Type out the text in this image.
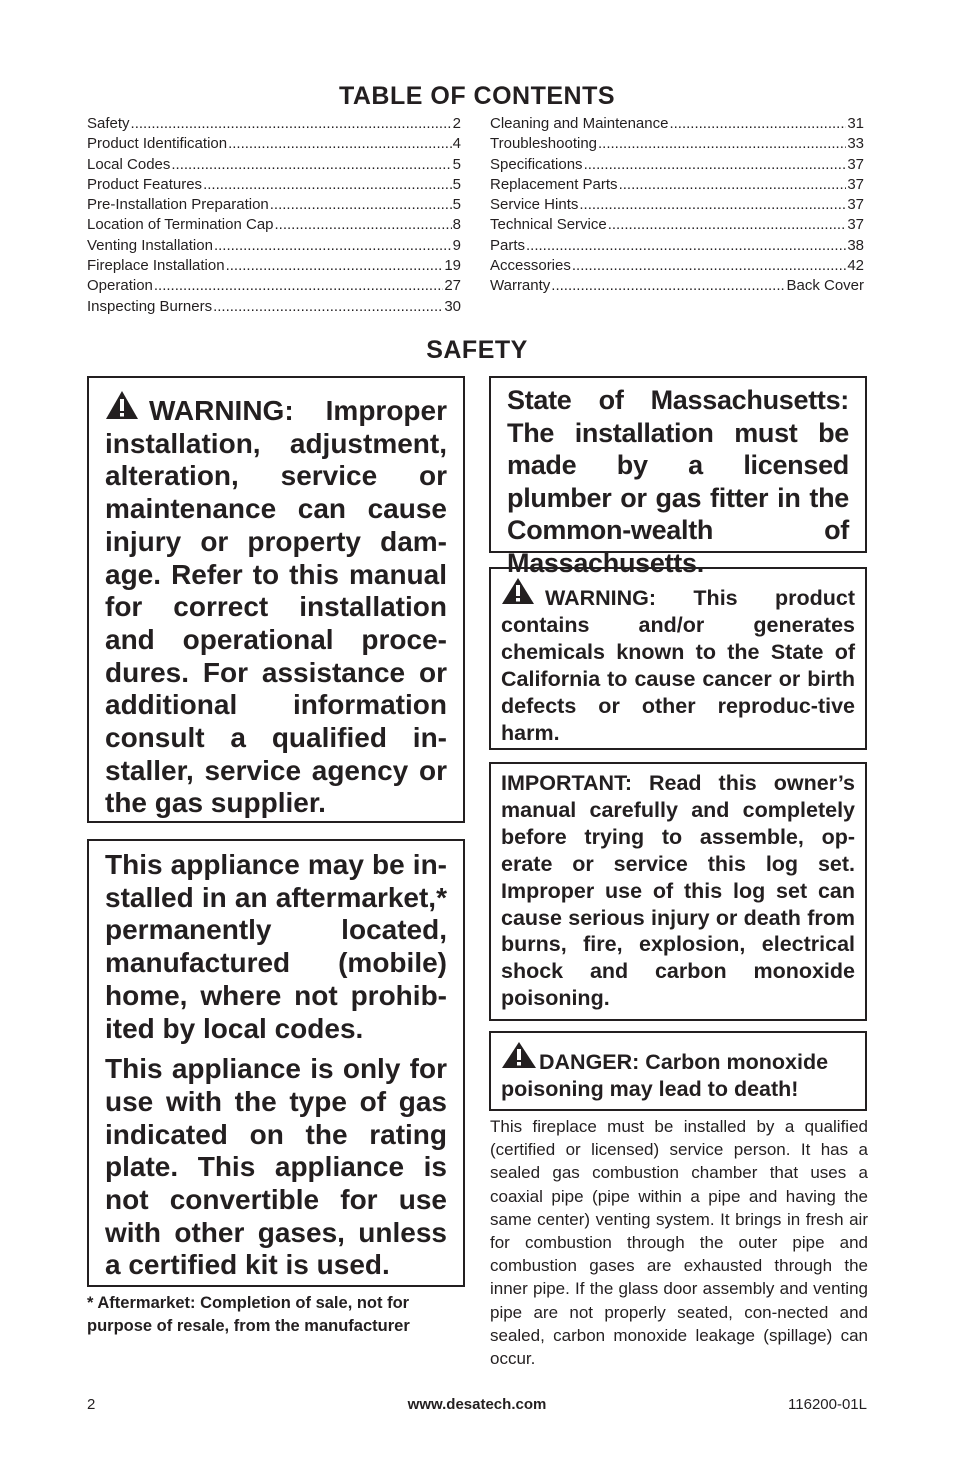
TABLE OF CONTENTS
Safety .....	2
Product Identification .....	4
Local Codes .....	5
Product Features .....	5
Pre-Installation Preparation .....	5
Location of Termination Cap .....	8
Venting Installation .....	9
Fireplace Installation .....	19
Operation .....	27
Inspecting Burners .....	30
Cleaning and Maintenance .....	31
Troubleshooting .....	33
Specifications .....	37
Replacement Parts .....	37
Service Hints .....	37
Technical Service .....	37
Parts .....	38
Accessories .....	42
Warranty .....	Back Cover
SAFETY

WARNING: Improper installation, adjustment, alteration, service or maintenance can cause injury or property dam-age. Refer to this manual for correct installation and operational proce-dures. For assistance or additional information consult a qualified in-staller, service agency or the gas supplier.

This appliance may be in-stalled in an aftermarket,* permanently located, manufactured (mobile) home, where not prohib-ited by local codes.

This appliance is only for use with the type of gas indicated on the rating plate. This appliance is not convertible for use with other gases, unless a certified kit is used.

* Aftermarket: Completion of sale, not for purpose of resale, from the manufacturer

State of Massachusetts: The installation must be made by a licensed plumber or gas fitter in the Common-wealth of Massachusetts.

WARNING: This product contains and/or generates chemicals known to the State of California to cause cancer or birth defects or other reproduc-tive harm.

IMPORTANT: Read this owner’s manual carefully and completely before trying to assemble, op-erate or service this log set. Improper use of this log set can cause serious injury or death from burns, fire, explosion, electrical shock and carbon monoxide poisoning.

DANGER: Carbon monoxide poisoning may lead to death!

This fireplace must be installed by a qualified (certified or licensed) service person. It has a sealed gas combustion chamber that uses a coaxial pipe (pipe within a pipe and having the same center) venting system. It brings in fresh air for combustion through the outer pipe and combustion gases are exhausted through the inner pipe. If the glass door assembly and venting pipe are not properly seated, con-nected and sealed, carbon monoxide leakage (spillage) can occur.
2	www.desatech.com	116200-01L
